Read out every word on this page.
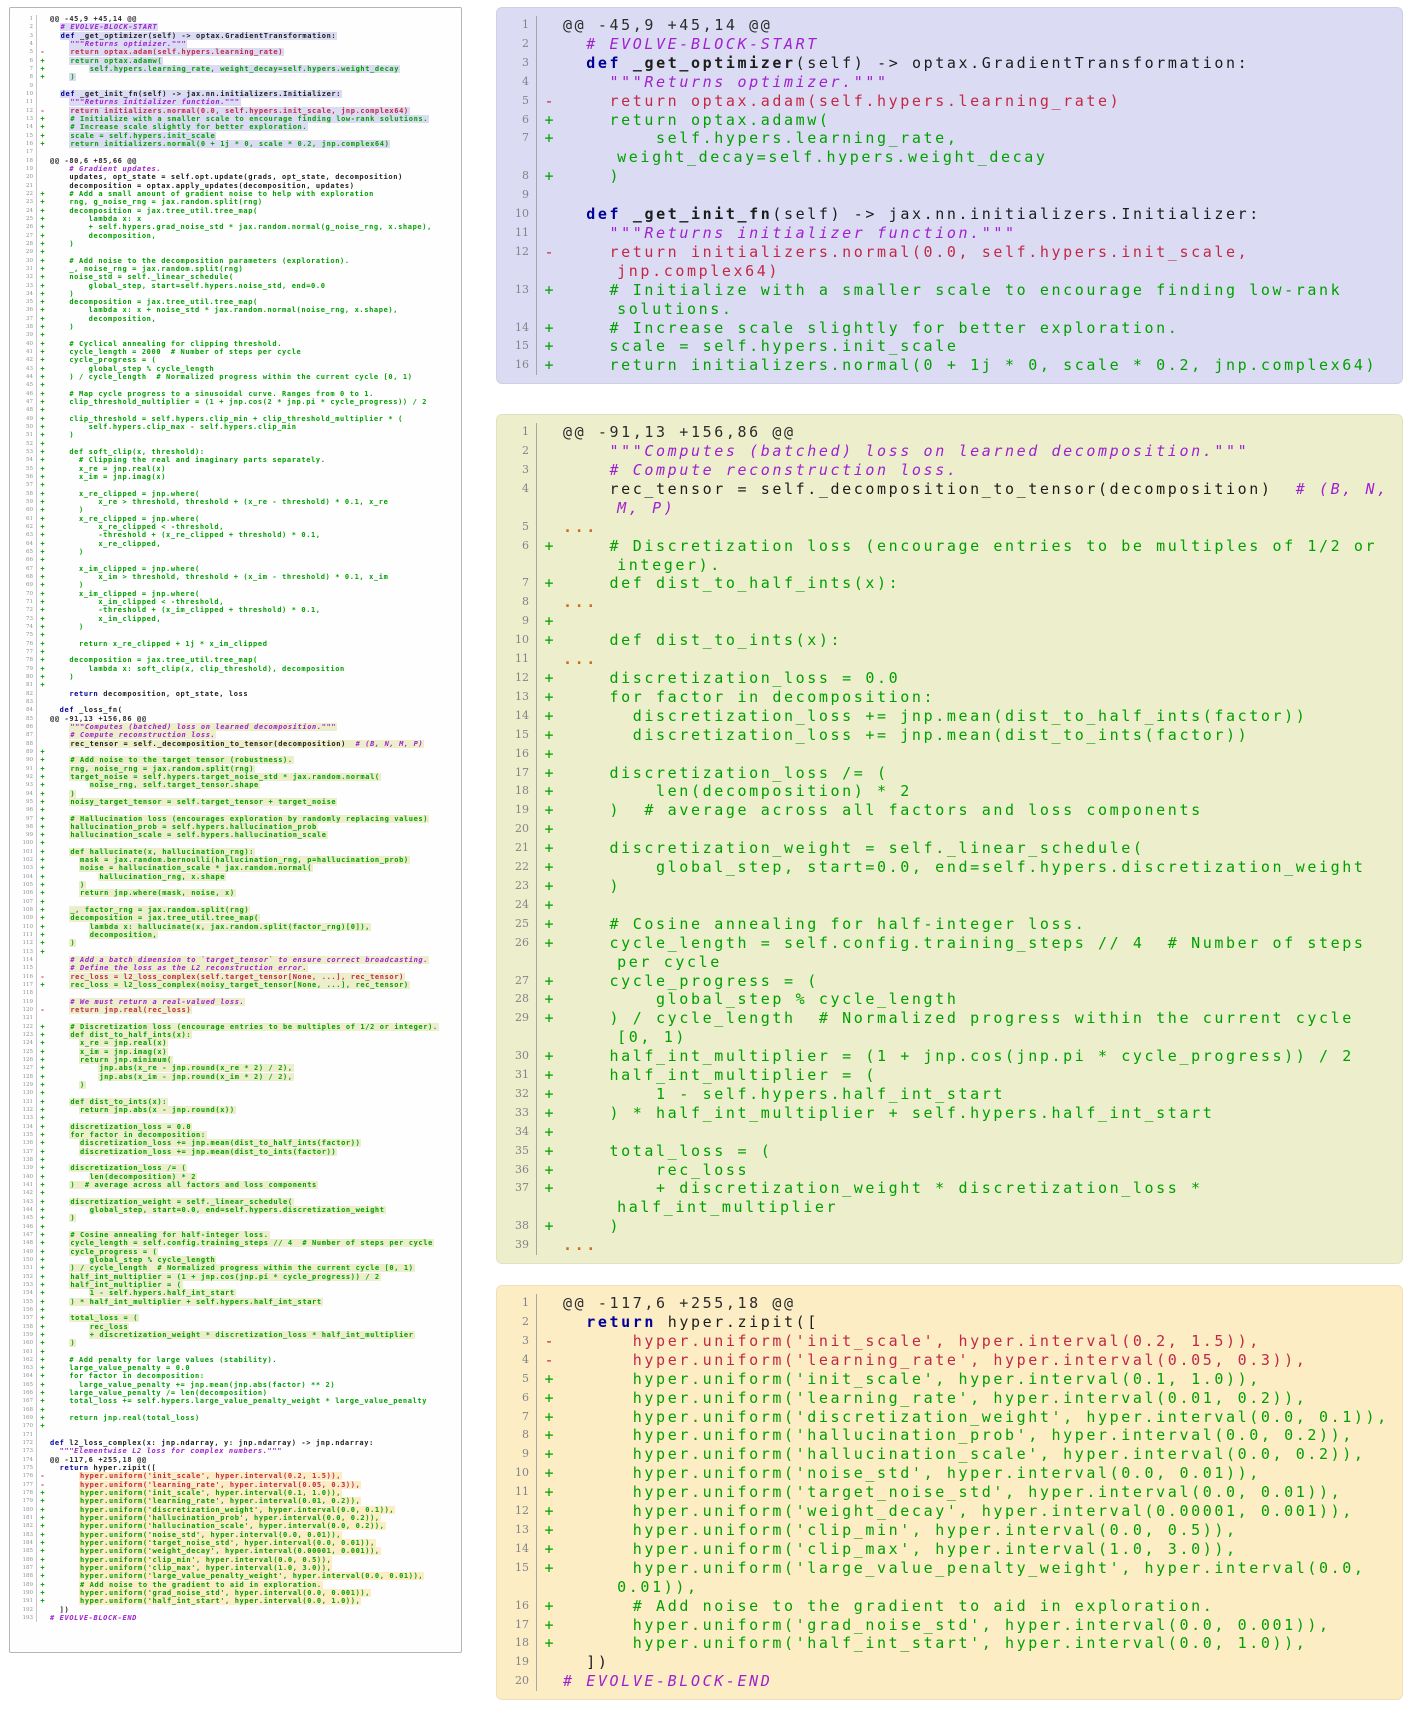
1	@@ -45,9 +45,14 @@
2	# EVOLVE-BLOCK-START
3	def _get_optimizer(self) -> optax.GradientTransformation:
4	"""Returns optimizer."""
5	-	return optax.adam(self.hypers.learning_rate)
6	+	return optax.adamw(
7	+	self.hypers.learning_rate, weight_decay=self.hypers.weight_decay
8	+	)
9
10	def _get_init_fn(self) -> jax.nn.initializers.Initializer:
11	"""Returns initializer function."""
12	-	return initializers.normal(0.0, self.hypers.init_scale, jnp.complex64)
13	+	# Initialize with a smaller scale to encourage finding low-rank solutions.
14	+	# Increase scale slightly for better exploration.
15	+	scale = self.hypers.init_scale
16	+	return initializers.normal(0 + 1j * 0, scale * 0.2, jnp.complex64)
17
18	@@ -80,6 +85,66 @@
19	# Gradient updates.
20	updates, opt_state = self.opt.update(grads, opt_state, decomposition)
21	decomposition = optax.apply_updates(decomposition, updates)
22	+ # Add a small amount of gradient noise to help with exploration
23	+ rng, g_noise_rng = jax.random.split(rng)
24	+ decomposition = jax.tree_util.tree_map(
25	+ lambda x: x
26	+ + self.hypers.grad_noise_std * jax.random.normal(g_noise_rng, x.shape),
27	+ decomposition,
28	+ )
29	+
30	+ # Add noise to the decomposition parameters (exploration).
31	+ _, noise_rng = jax.random.split(rng)
32	+ noise_std = self._linear_schedule(
33	+ global_step, start=self.hypers.noise_std, end=0.0
34	+ )
35	+ decomposition = jax.tree_util.tree_map(
36	+ lambda x: x + noise_std * jax.random.normal(noise_rng, x.shape),
37	+ decomposition,
38	+ )
39	+
40	+ # Cyclical annealing for clipping threshold.
41	+ cycle_length = 2000  # Number of steps per cycle
42	+ cycle_progress = (
43	+ global_step % cycle_length
44	+ ) / cycle_length  # Normalized progress within the current cycle [0, 1)
45	+
46	+ # Map cycle progress to a sinusoidal curve. Ranges from 0 to 1.
47	+ clip_threshold_multiplier = (1 + jnp.cos(2 * jnp.pi * cycle_progress)) / 2
48	+
49	+ clip_threshold = self.hypers.clip_min + clip_threshold_multiplier * (
50	+ self.hypers.clip_max - self.hypers.clip_min
51	+ )
52	+
53	+ def soft_clip(x, threshold):
54	+ # Clipping the real and imaginary parts separately.
55	+ x_re = jnp.real(x)
56	+ x_im = jnp.imag(x)
57	+
58	+ x_re_clipped = jnp.where(
59	+ x_re > threshold, threshold + (x_re - threshold) * 0.1, x_re
60	+ )
61	+ x_re_clipped = jnp.where(
62	+ x_re_clipped < -threshold,
63	+ -threshold + (x_re_clipped + threshold) * 0.1,
64	+ x_re_clipped,
65	+ )
66	+
67	+ x_im_clipped = jnp.where(
68	+ x_im > threshold, threshold + (x_im - threshold) * 0.1, x_im
69	+ )
70	+ x_im_clipped = jnp.where(
71	+ x_im_clipped < -threshold,
72	+ -threshold + (x_im_clipped + threshold) * 0.1,
73	+ x_im_clipped,
74	+ )
75	+
76	+ return x_re_clipped + 1j * x_im_clipped
77	+
78	+ decomposition = jax.tree_util.tree_map(
79	+ lambda x: soft_clip(x, clip_threshold), decomposition
80	+ )
81	+
82	return decomposition, opt_state, loss
83
84	def _loss_fn(
85	@@ -91,13 +156,86 @@
86	"""Computes (batched) loss on learned decomposition."""
87	# Compute reconstruction loss.
88	rec_tensor = self._decomposition_to_tensor(decomposition)  # (B, N, M, P)
89	+
90	+	# Add noise to the target tensor (robustness).
91	+	rng, noise_rng = jax.random.split(rng)
92	+	target_noise = self.hypers.target_noise_std * jax.random.normal(
93	+	noise_rng, self.target_tensor.shape
94	+	)
95	+	noisy_target_tensor = self.target_tensor + target_noise
96	+
97	+	# Hallucination loss (encourages exploration by randomly replacing values)
98	+	hallucination_prob = self.hypers.hallucination_prob
99	+	hallucination_scale = self.hypers.hallucination_scale
100	+
101	+	def hallucinate(x, hallucination_rng):
102	+	mask = jax.random.bernoulli(hallucination_rng, p=hallucination_prob)
103	+	noise = hallucination_scale * jax.random.normal(
104	+	hallucination_rng, x.shape
105	+	)
106	+	return jnp.where(mask, noise, x)
107	+
108	+	_, factor_rng = jax.random.split(rng)
109	+	decomposition = jax.tree_util.tree_map(
110	+	lambda x: hallucinate(x, jax.random.split(factor_rng)[0]),
111	+	decomposition,
112	+	)
113	+
114	# Add a batch dimension to `target_tensor` to ensure correct broadcasting.
115	# Define the loss as the L2 reconstruction error.
116	-	rec_loss = l2_loss_complex(self.target_tensor[None, ...], rec_tensor)
117	+	rec_loss = l2_loss_complex(noisy_target_tensor[None, ...], rec_tensor)
118
119	# We must return a real-valued loss.
120	-	return jnp.real(rec_loss)
121
122	+	# Discretization loss (encourage entries to be multiples of 1/2 or integer).
123	+	def dist_to_half_ints(x):
124	+	x_re = jnp.real(x)
125	+	x_im = jnp.imag(x)
126	+	return jnp.minimum(
127	+	jnp.abs(x_re - jnp.round(x_re * 2) / 2),
128	+	jnp.abs(x_im - jnp.round(x_im * 2) / 2),
129	+	)
130	+
131	+	def dist_to_ints(x):
132	+	return jnp.abs(x - jnp.round(x))
133	+
134	+	discretization_loss = 0.0
135	+	for factor in decomposition:
136	+	discretization_loss += jnp.mean(dist_to_half_ints(factor))
137	+	discretization_loss += jnp.mean(dist_to_ints(factor))
138	+
139	+	discretization_loss /= (
140	+	len(decomposition) * 2
141	+	)  # average across all factors and loss components
142	+
143	+	discretization_weight = self._linear_schedule(
144	+	global_step, start=0.0, end=self.hypers.discretization_weight
145	+	)
146	+
147	+	# Cosine annealing for half-integer loss.
148	+	cycle_length = self.config.training_steps // 4  # Number of steps per cycle
149	+	cycle_progress = (
150	+	global_step % cycle_length
151	+	) / cycle_length  # Normalized progress within the current cycle [0, 1)
152	+	half_int_multiplier = (1 + jnp.cos(jnp.pi * cycle_progress)) / 2
153	+	half_int_multiplier = (
154	+	1 - self.hypers.half_int_start
155	+	) * half_int_multiplier + self.hypers.half_int_start
156	+
157	+	total_loss = (
158	+	rec_loss
159	+	+ discretization_weight * discretization_loss * half_int_multiplier
160	+	)
161	+
162	+ # Add penalty for large values (stability).
163	+ large_value_penalty = 0.0
164	+ for factor in decomposition:
165	+ large_value_penalty += jnp.mean(jnp.abs(factor) ** 2)
166	+ large_value_penalty /= len(decomposition)
167	+ total_loss += self.hypers.large_value_penalty_weight * large_value_penalty
168	+
169	+ return jnp.real(total_loss)
170	+
171
172	def l2_loss_complex(x: jnp.ndarray, y: jnp.ndarray) -> jnp.ndarray:
173	"""Elementwise L2 loss for complex numbers."""
174	@@ -117,6 +255,18 @@
175	return hyper.zipit([
176	-	hyper.uniform('init_scale', hyper.interval(0.2, 1.5)),
177	-	hyper.uniform('learning_rate', hyper.interval(0.05, 0.3)),
178	+	hyper.uniform('init_scale', hyper.interval(0.1, 1.0)),
179	+	hyper.uniform('learning_rate', hyper.interval(0.01, 0.2)),
180	+	hyper.uniform('discretization_weight', hyper.interval(0.0, 0.1)),
181	+	hyper.uniform('hallucination_prob', hyper.interval(0.0, 0.2)),
182	+	hyper.uniform('hallucination_scale', hyper.interval(0.0, 0.2)),
183	+	hyper.uniform('noise_std', hyper.interval(0.0, 0.01)),
184	+	hyper.uniform('target_noise_std', hyper.interval(0.0, 0.01)),
185	+	hyper.uniform('weight_decay', hyper.interval(0.00001, 0.001)),
186	+	hyper.uniform('clip_min', hyper.interval(0.0, 0.5)),
187	+	hyper.uniform('clip_max', hyper.interval(1.0, 3.0)),
188	+	hyper.uniform('large_value_penalty_weight', hyper.interval(0.0, 0.01)),
189	+	# Add noise to the gradient to aid in exploration.
190	+	hyper.uniform('grad_noise_std', hyper.interval(0.0, 0.001)),
191	+	hyper.uniform('half_int_start', hyper.interval(0.0, 1.0)),
192	])
193	# EVOLVE-BLOCK-END
1	@@ -45,9 +45,14 @@
2	# EVOLVE-BLOCK-START
3	def _get_optimizer(self) -> optax.GradientTransformation:
4	"""Returns optimizer."""
5	- return optax.adam(self.hypers.learning_rate)
6	+ return optax.adamw(
7	+ self.hypers.learning_rate, weight_decay=self.hypers.weight_decay
8	+ )
9
10	def _get_init_fn(self) -> jax.nn.initializers.Initializer:
11	"""Returns initializer function."""
12	- return initializers.normal(0.0, self.hypers.init_scale, jnp.complex64)
13	+ # Initialize with a smaller scale to encourage finding low-rank solutions.
14	+ # Increase scale slightly for better exploration.
15	+ scale = self.hypers.init_scale
16	+ return initializers.normal(0 + 1j * 0, scale * 0.2, jnp.complex64)
1	@@ -91,13 +156,86 @@
2	"""Computes (batched) loss on learned decomposition."""
3	# Compute reconstruction loss.
4	rec_tensor = self._decomposition_to_tensor(decomposition)  # (B, N, M, P)
5	...
6	+ # Discretization loss (encourage entries to be multiples of 1/2 or integer).
7	+ def dist_to_half_ints(x):
8	...
9	+
10	+ def dist_to_ints(x):
11	...
12	+ discretization_loss = 0.0
13	+ for factor in decomposition:
14	+ discretization_loss += jnp.mean(dist_to_half_ints(factor))
15	+ discretization_loss += jnp.mean(dist_to_ints(factor))
16	+
17	+ discretization_loss /= (
18	+ len(decomposition) * 2
19	+ )  # average across all factors and loss components
20	+
21	+ discretization_weight = self._linear_schedule(
22	+ global_step, start=0.0, end=self.hypers.discretization_weight
23	+ )
24	+
25	+ # Cosine annealing for half-integer loss.
26	+ cycle_length = self.config.training_steps // 4  # Number of steps per cycle
27	+ cycle_progress = (
28	+ global_step % cycle_length
29	+ ) / cycle_length  # Normalized progress within the current cycle [0, 1)
30	+ half_int_multiplier = (1 + jnp.cos(jnp.pi * cycle_progress)) / 2
31	+ half_int_multiplier = (
32	+ 1 - self.hypers.half_int_start
33	+ ) * half_int_multiplier + self.hypers.half_int_start
34	+
35	+ total_loss = (
36	+ rec_loss
37	+ + discretization_weight * discretization_loss * half_int_multiplier
38	+ )
39	...
1	@@ -117,6 +255,18 @@
2	return hyper.zipit([
3	- hyper.uniform('init_scale', hyper.interval(0.2, 1.5)),
4	- hyper.uniform('learning_rate', hyper.interval(0.05, 0.3)),
5	+ hyper.uniform('init_scale', hyper.interval(0.1, 1.0)),
6	+ hyper.uniform('learning_rate', hyper.interval(0.01, 0.2)),
7	+ hyper.uniform('discretization_weight', hyper.interval(0.0, 0.1)),
8	+ hyper.uniform('hallucination_prob', hyper.interval(0.0, 0.2)),
9	+ hyper.uniform('hallucination_scale', hyper.interval(0.0, 0.2)),
10	+ hyper.uniform('noise_std', hyper.interval(0.0, 0.01)),
11	+ hyper.uniform('target_noise_std', hyper.interval(0.0, 0.01)),
12	+ hyper.uniform('weight_decay', hyper.interval(0.00001, 0.001)),
13	+ hyper.uniform('clip_min', hyper.interval(0.0, 0.5)),
14	+ hyper.uniform('clip_max', hyper.interval(1.0, 3.0)),
15	+ hyper.uniform('large_value_penalty_weight', hyper.interval(0.0, 0.01)),
16	+ # Add noise to the gradient to aid in exploration.
17	+ hyper.uniform('grad_noise_std', hyper.interval(0.0, 0.001)),
18	+ hyper.uniform('half_int_start', hyper.interval(0.0, 1.0)),
19	])
20	# EVOLVE-BLOCK-END
